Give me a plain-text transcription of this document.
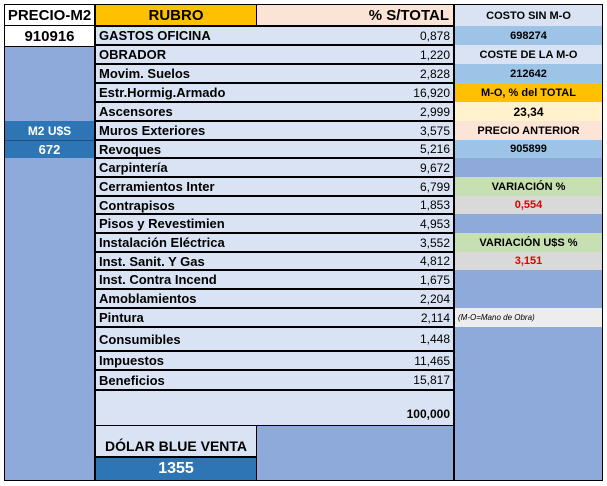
PRECIO-M2
910916
M2 U$S
672
RUBRO	% S/TOTAL
GASTOS OFICINA	0,878
OBRADOR	1,220
Movim. Suelos	2,828
Estr.Hormig.Armado	16,920
Ascensores	2,999
Muros Exteriores	3,575
Revoques	5,216
Carpintería	9,672
Cerramientos Inter	6,799
Contrapisos	1,853
Pisos y Revestimien	4,953
Instalación Eléctrica	3,552
Inst. Sanit. Y Gas	4,812
Inst. Contra Incend	1,675
Amoblamientos	2,204
Pintura	2,114
Consumibles	1,448
Impuestos	11,465
Beneficios	15,817
100,000
DÓLAR BLUE VENTA
1355
COSTO SIN M-O
698274
COSTE DE LA M-O
212642
M-O, % del TOTAL
23,34
PRECIO ANTERIOR
905899
VARIACIÓN %
0,554
VARIACIÓN U$S %
3,151
(M-O=Mano de Obra)
